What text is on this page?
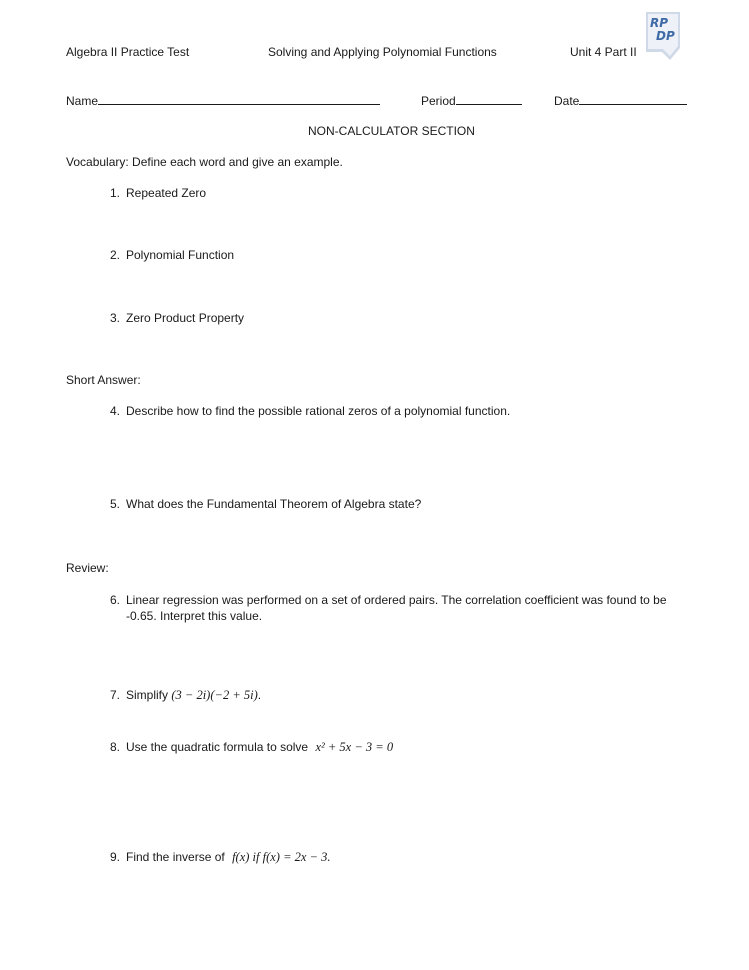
Algebra II Practice Test	Solving and Applying Polynomial Functions	Unit 4 Part II
RP
DP
Name	Period	Date
NON-CALCULATOR SECTION
Vocabulary: Define each word and give an example.
1. Repeated Zero
2. Polynomial Function
3. Zero Product Property
Short Answer:
4. Describe how to find the possible rational zeros of a polynomial function.
5. What does the Fundamental Theorem of Algebra state?
Review:
6. Linear regression was performed on a set of ordered pairs. The correlation coefficient was found to be
-0.65. Interpret this value.
7. Simplify (3 − 2i)(−2 + 5i).
8. Use the quadratic formula to solve x² + 5x − 3 = 0
9. Find the inverse of f(x) if f(x) = 2x − 3.
